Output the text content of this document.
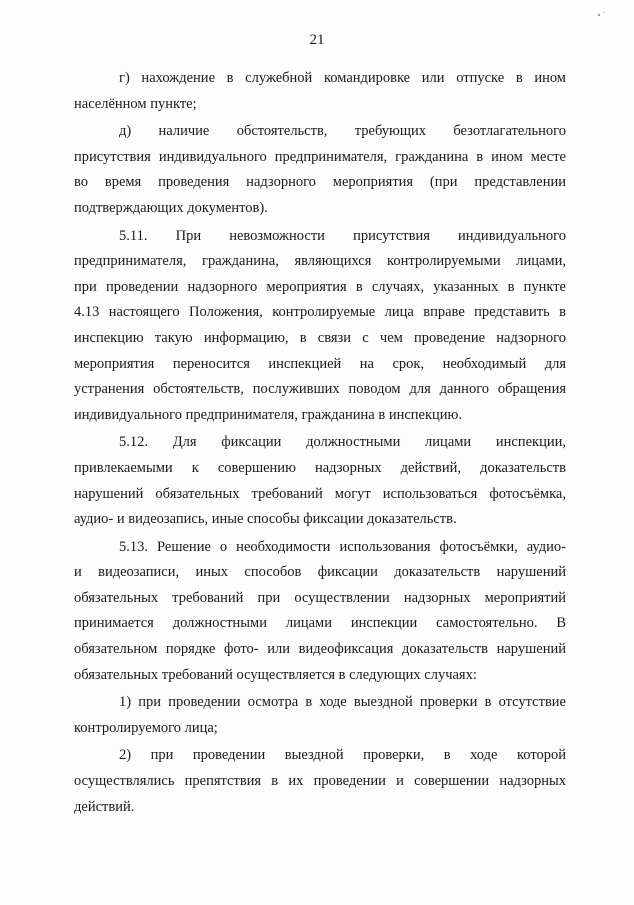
21

г) нахождение в служебной командировке или отпуске в ином
населённом пункте;

д) наличие обстоятельств, требующих безотлагательного
присутствия индивидуального предпринимателя, гражданина в ином месте
во время проведения надзорного мероприятия (при представлении
подтверждающих документов).

5.11. При невозможности присутствия индивидуального
предпринимателя, гражданина, являющихся контролируемыми лицами,
при проведении надзорного мероприятия в случаях, указанных в пункте
4.13 настоящего Положения, контролируемые лица вправе представить в
инспекцию такую информацию, в связи с чем проведение надзорного
мероприятия переносится инспекцией на срок, необходимый для
устранения обстоятельств, послуживших поводом для данного обращения
индивидуального предпринимателя, гражданина в инспекцию.

5.12. Для фиксации должностными лицами инспекции,
привлекаемыми к совершению надзорных действий, доказательств
нарушений обязательных требований могут использоваться фотосъёмка,
аудио- и видеозапись, иные способы фиксации доказательств.

5.13. Решение о необходимости использования фотосъёмки, аудио-
и видеозаписи, иных способов фиксации доказательств нарушений
обязательных требований при осуществлении надзорных мероприятий
принимается должностными лицами инспекции самостоятельно. В
обязательном порядке фото- или видеофиксация доказательств нарушений
обязательных требований осуществляется в следующих случаях:

1) при проведении осмотра в ходе выездной проверки в отсутствие
контролируемого лица;

2) при проведении выездной проверки, в ходе которой
осуществлялись препятствия в их проведении и совершении надзорных
действий.
